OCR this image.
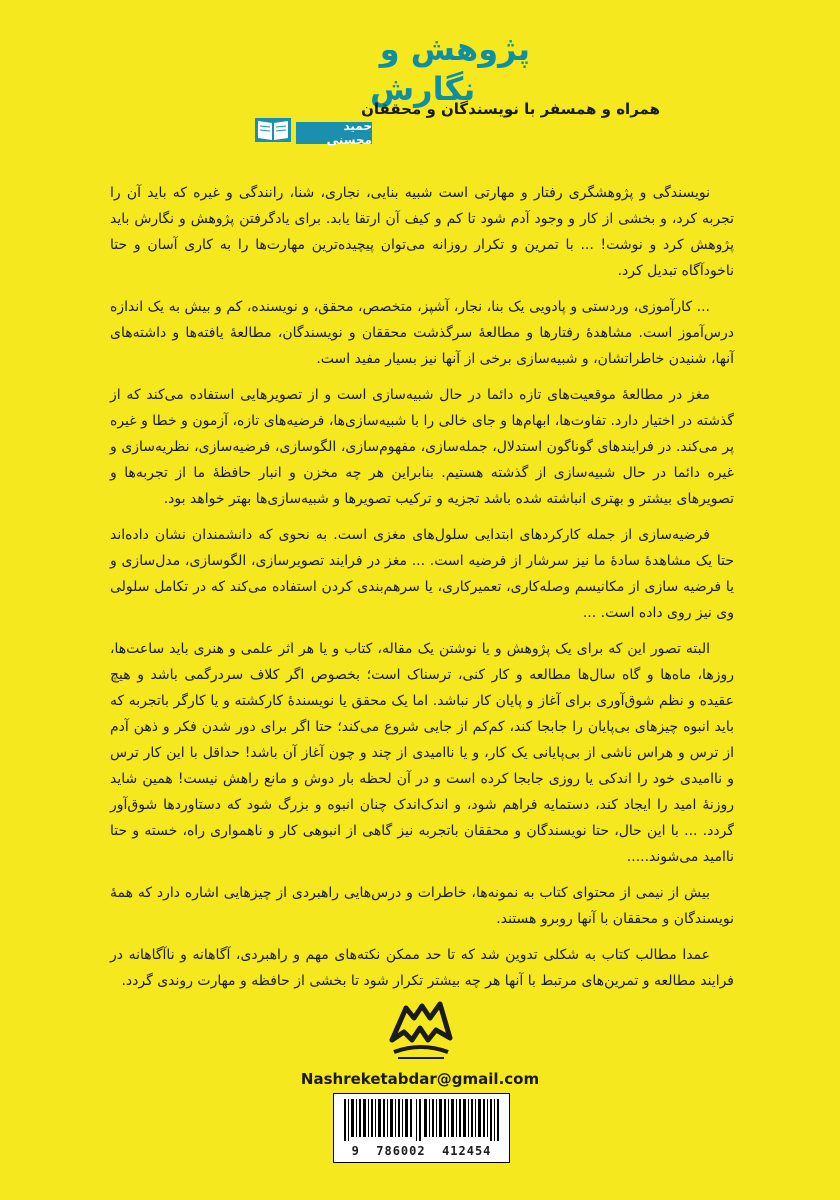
پژوهش و
نگارش
همراه و همسفر با نویسندگان و محققان
حمید محسنی

نویسندگی و پژوهشگری رفتار و مهارتی است شبیه بنایی، نجاری، شنا، رانندگی و غیره که باید آن را تجربه کرد، و بخشی از کار و وجود آدم شود تا کم و کیف آن ارتقا یابد. برای یادگرفتن پژوهش و نگارش باید پژوهش کرد و نوشت! ... با تمرین و تکرار روزانه می‌توان پیچیده‌ترین مهارت‌ها را به کاری آسان و حتا ناخودآگاه تبدیل کرد.

... کارآموزی، وردستی و پادویی یک بنا، نجار، آشپز، متخصص، محقق، و نویسنده، کم و بیش به یک اندازه درس‌آموز است. مشاهدهٔ رفتارها و مطالعهٔ سرگذشت محققان و نویسندگان، مطالعهٔ یافته‌ها و داشته‌های آنها، شنیدن خاطراتشان، و شبیه‌سازی برخی از آنها نیز بسیار مفید است.

مغز در مطالعهٔ موقعیت‌های تازه دائما در حال شبیه‌سازی است و از تصویرهایی استفاده می‌کند که از گذشته در اختیار دارد. تفاوت‌ها، ابهام‌ها و جای خالی را با شبیه‌سازی‌ها، فرضیه‌های تازه، آزمون و خطا و غیره پر می‌کند. در فرایندهای گوناگون استدلال، جمله‌سازی، مفهوم‌سازی، الگوسازی، فرضیه‌سازی، نظریه‌سازی و غیره دائما در حال شبیه‌سازی از گذشته هستیم. بنابراین هر چه مخزن و انبار حافظهٔ ما از تجربه‌ها و تصویرهای بیشتر و بهتری انباشته شده باشد تجزیه و ترکیب تصویرها و شبیه‌سازی‌ها بهتر خواهد بود.

فرضیه‌سازی از جمله کارکردهای ابتدایی سلول‌های مغزی است. به نحوی که دانشمندان نشان داده‌اند حتا یک مشاهدهٔ سادهٔ ما نیز سرشار از فرضیه است. ... مغز در فرایند تصویرسازی، الگوسازی، مدل‌سازی و یا فرضیه سازی از مکانیسم وصله‌کاری، تعمیرکاری، یا سرهم‌بندی کردن استفاده می‌کند که در تکامل سلولی وی نیز روی داده است. ...

البته تصور این که برای یک پژوهش و یا نوشتن یک مقاله، کتاب و یا هر اثر علمی و هنری باید ساعت‌ها، روزها، ماه‌ها و گاه سال‌ها مطالعه و کار کنی، ترسناک است؛ بخصوص اگر کلاف سردرگمی باشد و هیچ عقیده و نظم شوق‌آوری برای آغاز و پایان کار نباشد. اما یک محقق یا نویسندهٔ کارکشته و یا کارگر باتجربه که باید انبوه چیزهای بی‌پایان را جابجا کند، کم‌کم از جایی شروع می‌کند؛ حتا اگر برای دور شدن فکر و ذهن آدم از ترس و هراس ناشی از بی‌پایانی یک کار، و یا ناامیدی از چند و چون آغاز آن باشد! حداقل با این کار ترس و ناامیدی خود را اندکی یا روزی جابجا کرده است و در آن لحظه بار دوش و مانع راهش نیست! همین شاید روزنهٔ امید را ایجاد کند، دستمایه فراهم شود، و اندک‌اندک چنان انبوه و بزرگ شود که دستاوردها شوق‌آور گردد. ... با این حال، حتا نویسندگان و محققان باتجربه نیز گاهی از انبوهی کار و ناهمواری راه، خسته و حتا ناامید می‌شوند.....

بیش از نیمی از محتوای کتاب به نمونه‌ها، خاطرات و درس‌هایی راهبردی از چیزهایی اشاره دارد که همهٔ نویسندگان و محققان با آنها روبرو هستند.

عمدا مطالب کتاب به شکلی تدوین شد که تا حد ممکن نکته‌های مهم و راهبردی، آگاهانه و ناآگاهانه در فرایند مطالعه و تمرین‌های مرتبط با آنها هر چه بیشتر تکرار شود تا بخشی از حافظه و مهارت روندی گردد.

Nashreketabdar@gmail.com
9 786002 412454
